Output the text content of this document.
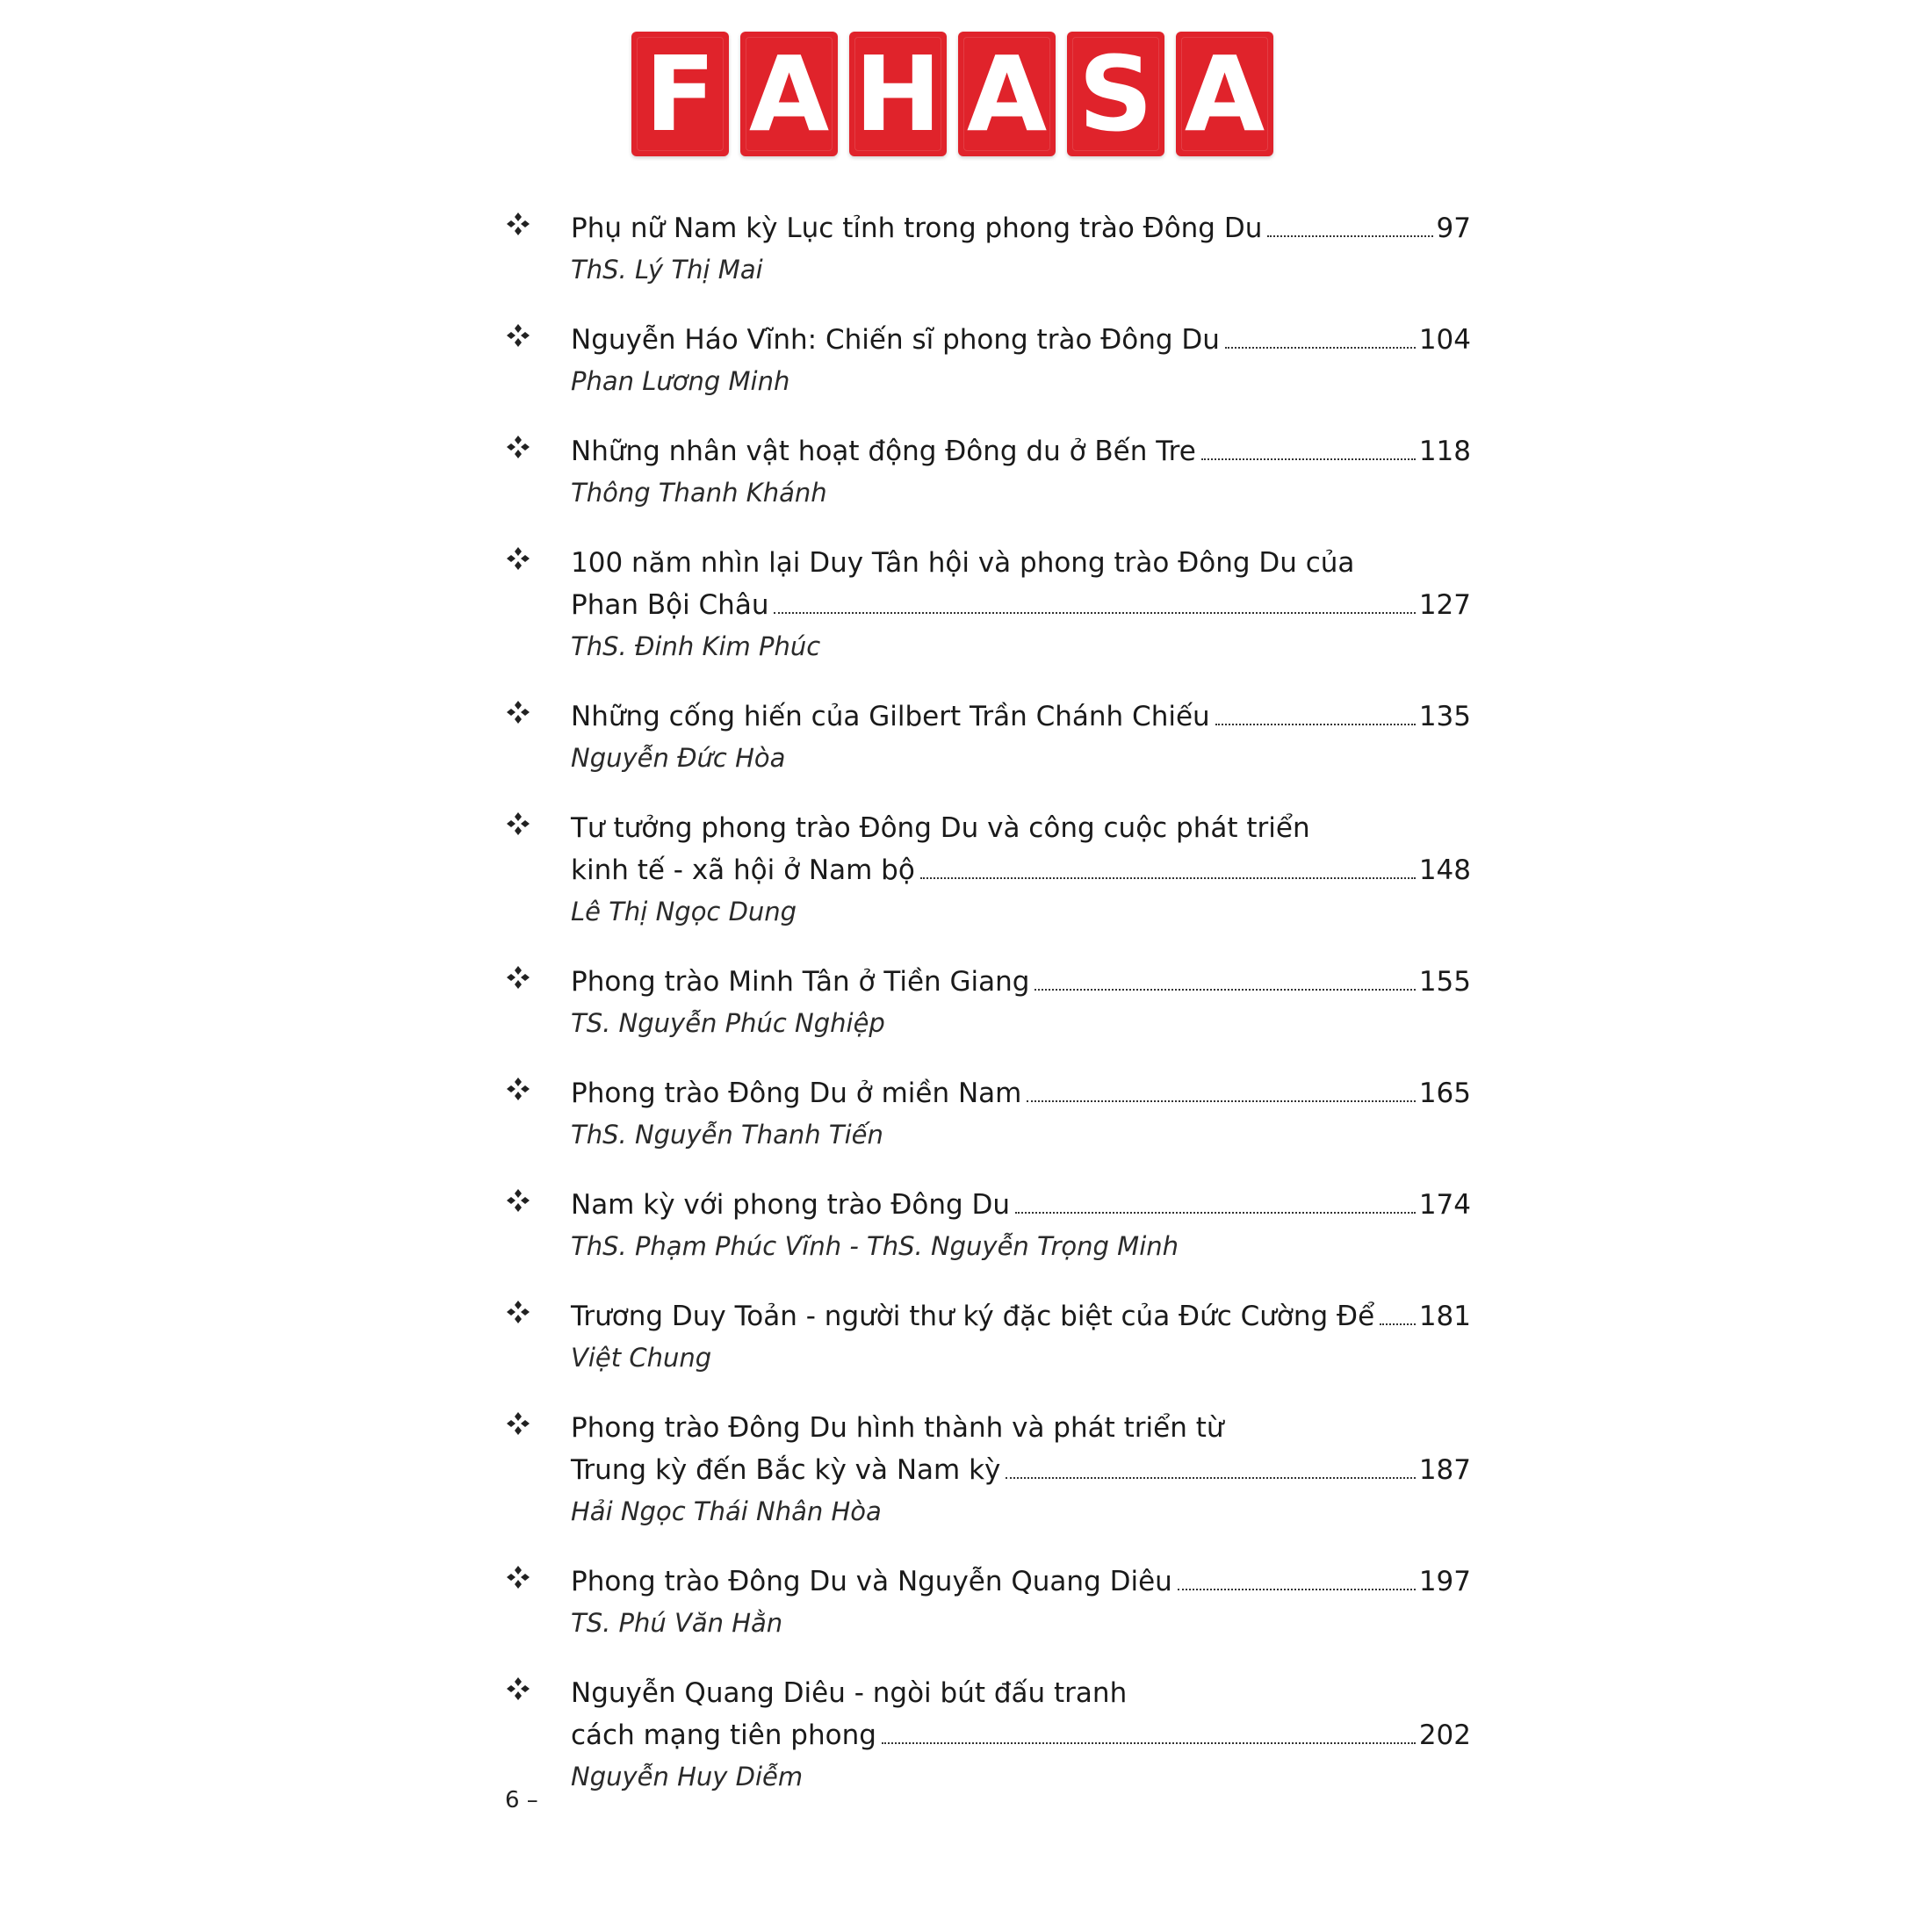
F A H A S A
Phụ nữ Nam kỳ Lục tỉnh trong phong trào Đông Du	97
ThS. Lý Thị Mai
Nguyễn Háo Vĩnh: Chiến sĩ phong trào Đông Du	104
Phan Lương Minh
Những nhân vật hoạt động Đông du ở Bến Tre	118
Thông Thanh Khánh
100 năm nhìn lại Duy Tân hội và phong trào Đông Du của
Phan Bội Châu	127
ThS. Đinh Kim Phúc
Những cống hiến của Gilbert Trần Chánh Chiếu	135
Nguyễn Đức Hòa
Tư tưởng phong trào Đông Du và công cuộc phát triển
kinh tế - xã hội ở Nam bộ	148
Lê Thị Ngọc Dung
Phong trào Minh Tân ở Tiền Giang	155
TS. Nguyễn Phúc Nghiệp
Phong trào Đông Du ở miền Nam	165
ThS. Nguyễn Thanh Tiến
Nam kỳ với phong trào Đông Du	174
ThS. Phạm Phúc Vĩnh - ThS. Nguyễn Trọng Minh
Trương Duy Toản - người thư ký đặc biệt của Đức Cường Để 181
Việt Chung
Phong trào Đông Du hình thành và phát triển từ
Trung kỳ đến Bắc kỳ và Nam kỳ	187
Hải Ngọc Thái Nhân Hòa
Phong trào Đông Du và Nguyễn Quang Diêu	197
TS. Phú Văn Hằn
Nguyễn Quang Diêu - ngòi bút đấu tranh
cách mạng tiên phong	202
Nguyễn Huy Diễm
6 –
